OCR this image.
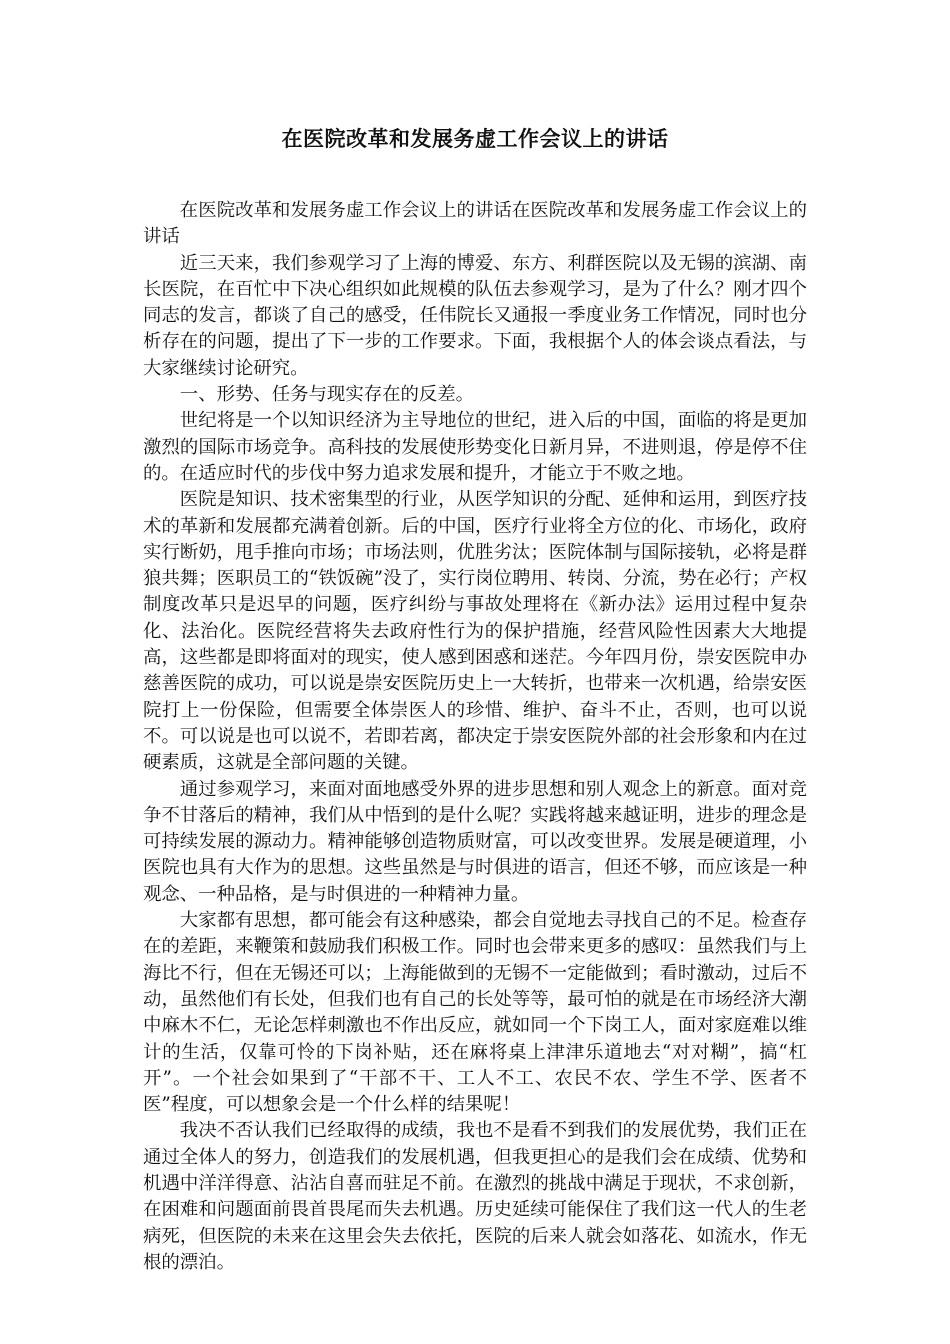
在医院改革和发展务虚工作会议上的讲话

在医院改革和发展务虚工作会议上的讲话在医院改革和发展务虚工作会议上的讲话

近三天来，我们参观学习了上海的博爱、东方、利群医院以及无锡的滨湖、南长医院，在百忙中下决心组织如此规模的队伍去参观学习，是为了什么？刚才四个同志的发言，都谈了自己的感受，任伟院长又通报一季度业务工作情况，同时也分析存在的问题，提出了下一步的工作要求。下面，我根据个人的体会谈点看法，与大家继续讨论研究。

一、形势、任务与现实存在的反差。

世纪将是一个以知识经济为主导地位的世纪，进入后的中国，面临的将是更加激烈的国际市场竞争。高科技的发展使形势变化日新月异，不进则退，停是停不住的。在适应时代的步伐中努力追求发展和提升，才能立于不败之地。

医院是知识、技术密集型的行业，从医学知识的分配、延伸和运用，到医疗技术的革新和发展都充满着创新。后的中国，医疗行业将全方位的化、市场化，政府实行断奶，甩手推向市场；市场法则，优胜劣汰；医院体制与国际接轨，必将是群狼共舞；医职员工的“铁饭碗”没了，实行岗位聘用、转岗、分流，势在必行；产权制度改革只是迟早的问题，医疗纠纷与事故处理将在《新办法》运用过程中复杂化、法治化。医院经营将失去政府性行为的保护措施，经营风险性因素大大地提高，这些都是即将面对的现实，使人感到困惑和迷茫。今年四月份，崇安医院申办慈善医院的成功，可以说是崇安医院历史上一大转折，也带来一次机遇，给崇安医院打上一份保险，但需要全体崇医人的珍惜、维护、奋斗不止，否则，也可以说不。可以说是也可以说不，若即若离，都决定于崇安医院外部的社会形象和内在过硬素质，这就是全部问题的关键。

通过参观学习，来面对面地感受外界的进步思想和别人观念上的新意。面对竞争不甘落后的精神，我们从中悟到的是什么呢？实践将越来越证明，进步的理念是可持续发展的源动力。精神能够创造物质财富，可以改变世界。发展是硬道理，小医院也具有大作为的思想。这些虽然是与时俱进的语言，但还不够，而应该是一种观念、一种品格，是与时俱进的一种精神力量。

大家都有思想，都可能会有这种感染，都会自觉地去寻找自己的不足。检查存在的差距，来鞭策和鼓励我们积极工作。同时也会带来更多的感叹：虽然我们与上海比不行，但在无锡还可以；上海能做到的无锡不一定能做到；看时激动，过后不动，虽然他们有长处，但我们也有自己的长处等等，最可怕的就是在市场经济大潮中麻木不仁，无论怎样刺激也不作出反应，就如同一个下岗工人，面对家庭难以维计的生活，仅靠可怜的下岗补贴，还在麻将桌上津津乐道地去“对对糊”，搞“杠开”。一个社会如果到了“干部不干、工人不工、农民不农、学生不学、医者不医”程度，可以想象会是一个什么样的结果呢！

我决不否认我们已经取得的成绩，我也不是看不到我们的发展优势，我们正在通过全体人的努力，创造我们的发展机遇，但我更担心的是我们会在成绩、优势和机遇中洋洋得意、沾沾自喜而驻足不前。在激烈的挑战中满足于现状，不求创新，在困难和问题面前畏首畏尾而失去机遇。历史延续可能保住了我们这一代人的生老病死，但医院的未来在这里会失去依托，医院的后来人就会如落花、如流水，作无根的漂泊。
